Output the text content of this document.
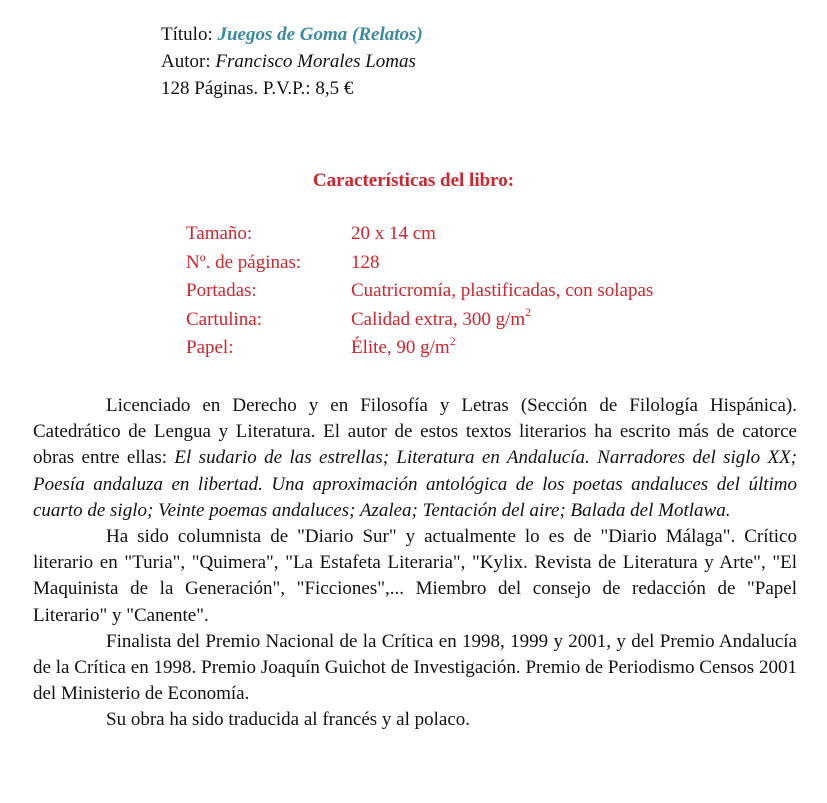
Título: Juegos de Goma (Relatos)
Autor: Francisco Morales Lomas
128 Páginas. P.V.P.: 8,5 €
Características del libro:
Tamaño:	20 x 14 cm
Nº. de páginas:	128
Portadas:	Cuatricromía, plastificadas, con solapas
Cartulina:	Calidad extra, 300 $g/m^2$
Papel:	Élite, 90 $g/m^2$

Licenciado en Derecho y en Filosofía y Letras (Sección de Filología Hispánica). Catedrático de Lengua y Literatura. El autor de estos textos literarios ha escrito más de catorce obras entre ellas: El sudario de las estrellas; Literatura en Andalucía. Narradores del siglo XX; Poesía andaluza en libertad. Una aproximación antológica de los poetas andaluces del último cuarto de siglo; Veinte poemas andaluces; Azalea; Tentación del aire; Balada del Motlawa.

Ha sido columnista de "Diario Sur" y actualmente lo es de "Diario Málaga". Crítico literario en "Turia", "Quimera", "La Estafeta Literaria", "Kylix. Revista de Literatura y Arte", "El Maquinista de la Generación", "Ficciones",... Miembro del consejo de redacción de "Papel Literario" y "Canente".

Finalista del Premio Nacional de la Crítica en 1998, 1999 y 2001, y del Premio Andalucía de la Crítica en 1998. Premio Joaquín Guichot de Investigación. Premio de Periodismo Censos 2001 del Ministerio de Economía.

Su obra ha sido traducida al francés y al polaco.
